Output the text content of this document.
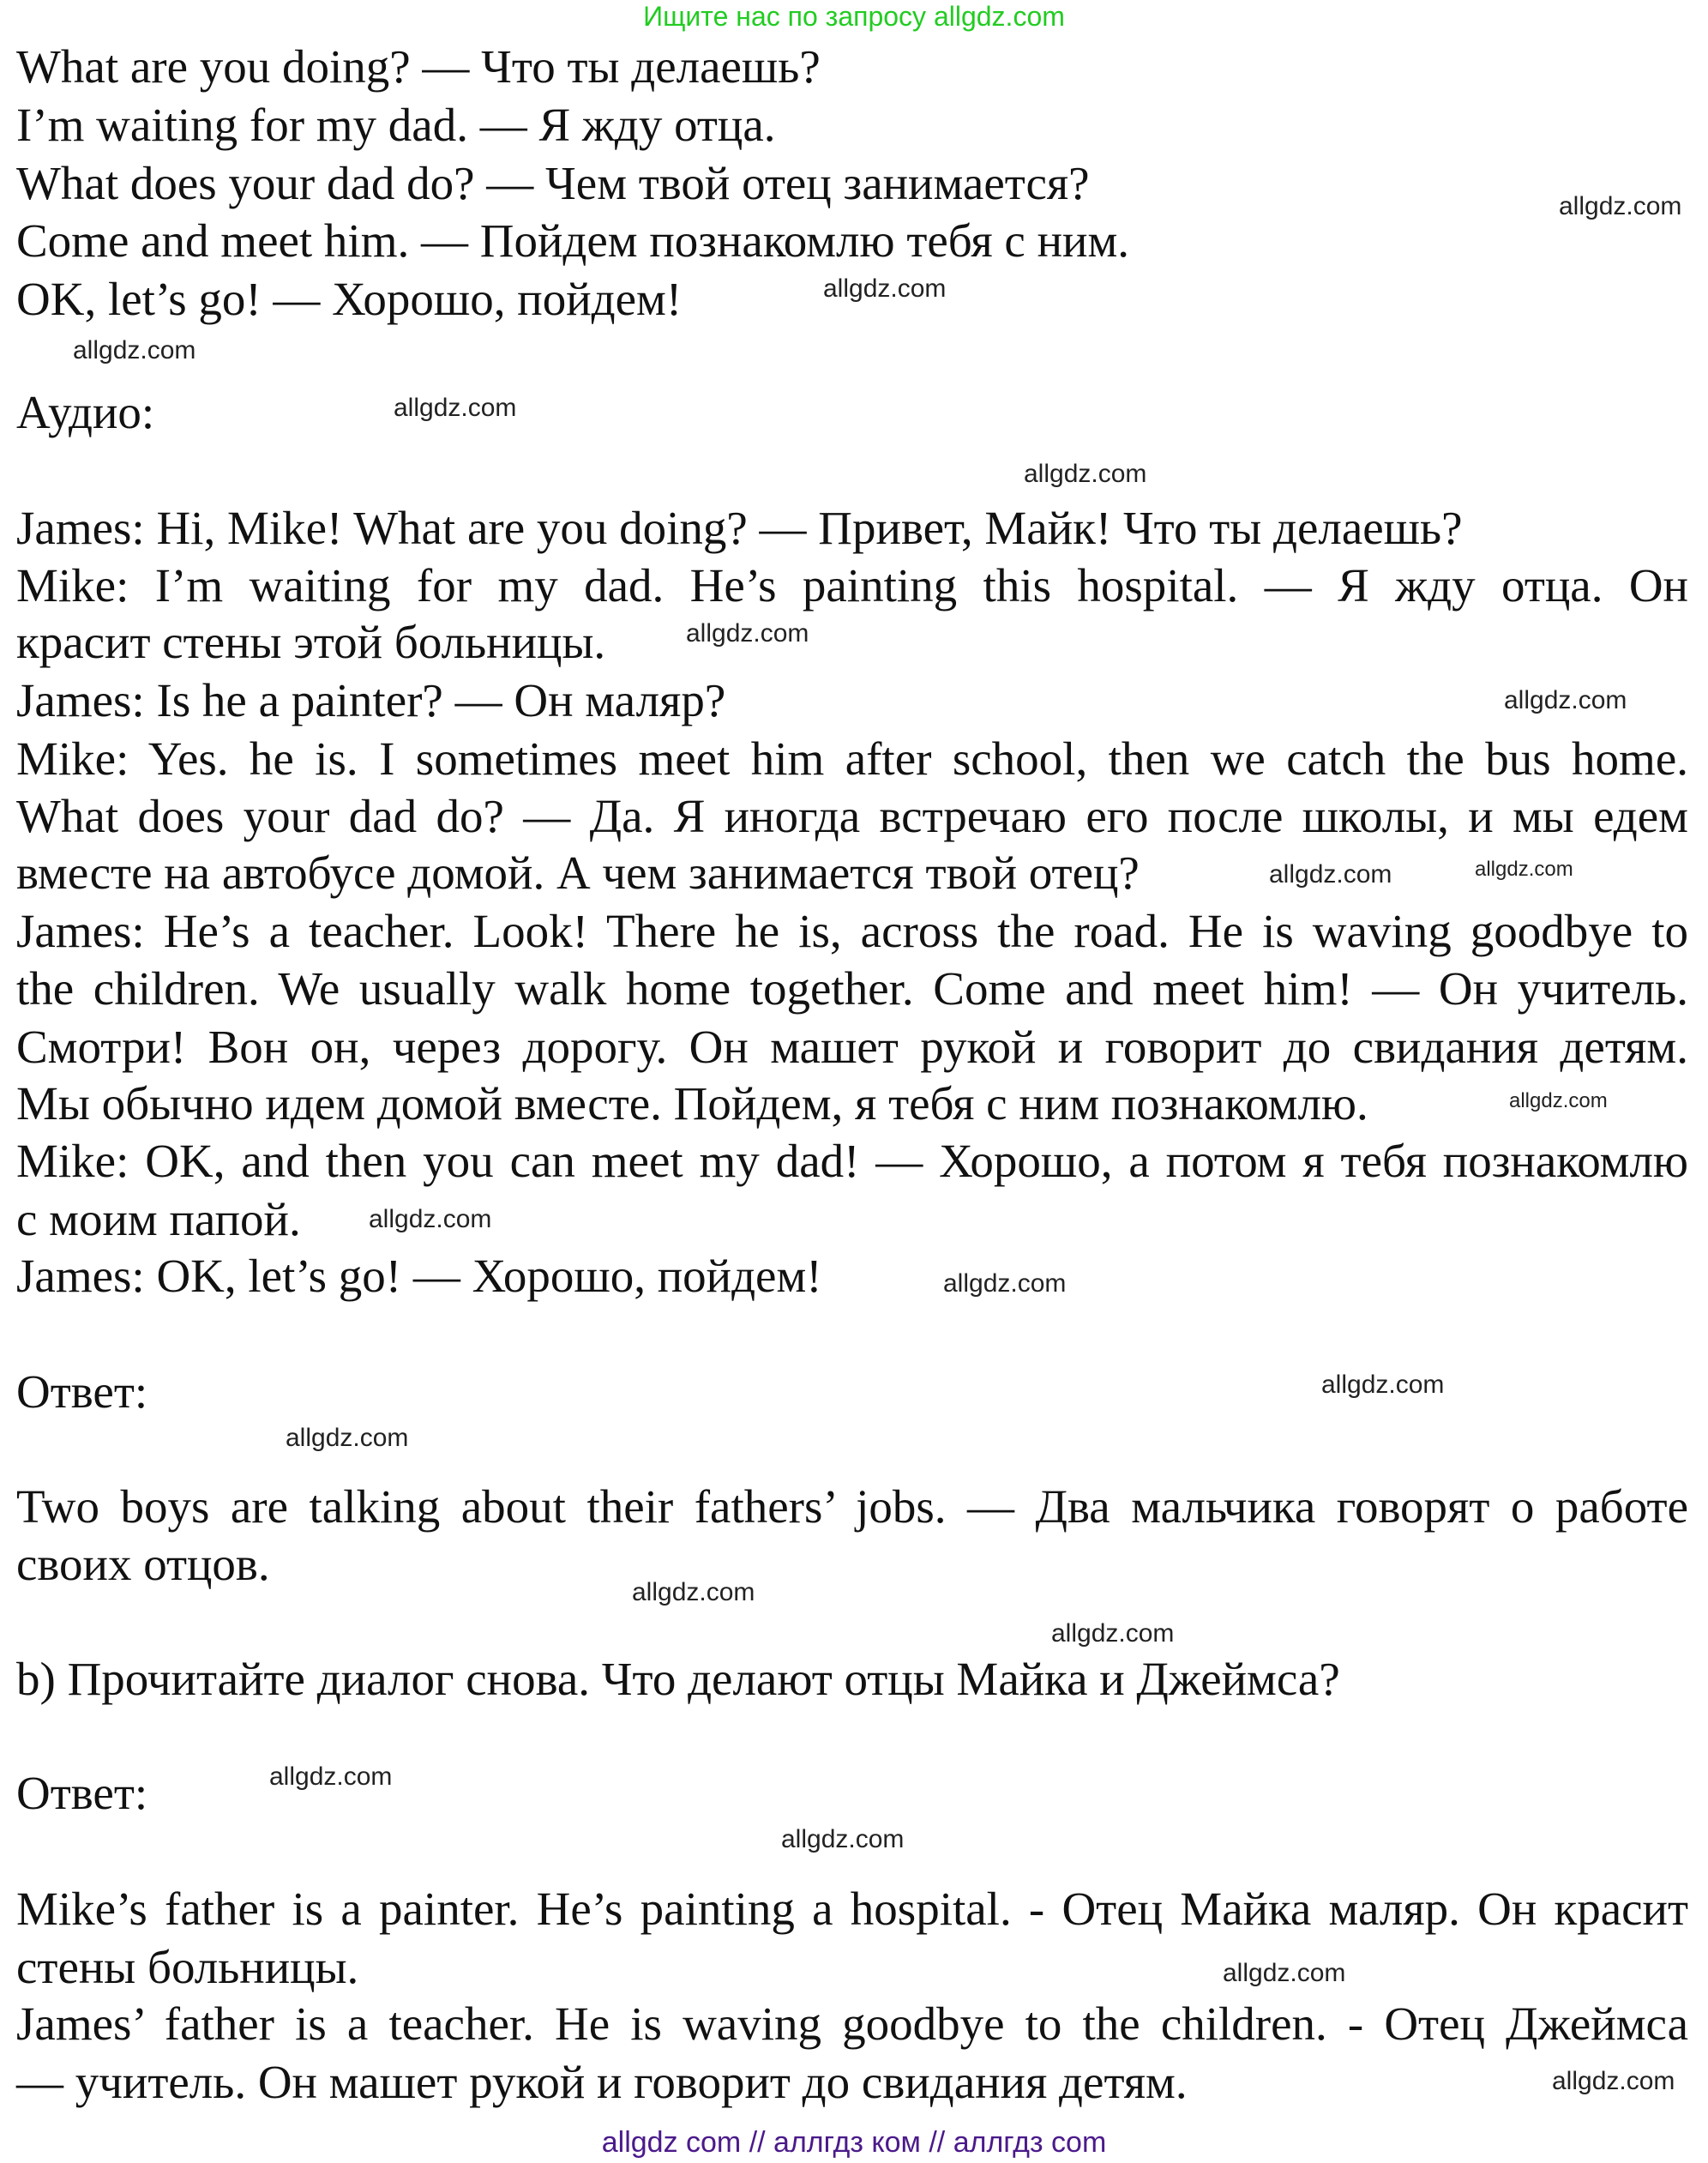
Ищите нас по запросу allgdz.com
What are you doing? — Что ты делаешь?
I’m waiting for my dad. — Я жду отца.
What does your dad do? — Чем твой отец занимается?
Come and meet him. — Пойдем познакомлю тебя с ним.
OK, let’s go! — Хорошо, пойдем!
Аудио:
James: Hi, Mike! What are you doing? — Привет, Майк! Что ты делаешь?
Mike: I’m waiting for my dad. He’s painting this hospital. — Я жду отца. Он
красит стены этой больницы.
James: Is he a painter? — Он маляр?
Mike: Yes. he is. I sometimes meet him after school, then we catch the bus home.
What does your dad do? — Да. Я иногда встречаю его после школы, и мы едем
вместе на автобусе домой. А чем занимается твой отец?
James: He’s a teacher. Look! There he is, across the road. He is waving goodbye to
the children. We usually walk home together. Come and meet him! — Он учитель.
Смотри! Вон он, через дорогу. Он машет рукой и говорит до свидания детям.
Мы обычно идем домой вместе. Пойдем, я тебя с ним познакомлю.
Mike: OK, and then you can meet my dad! — Хорошо, а потом я тебя познакомлю
с моим папой.
James: OK, let’s go! — Хорошо, пойдем!
Ответ:
Two boys are talking about their fathers’ jobs. — Два мальчика говорят о работе
своих отцов.
b) Прочитайте диалог снова. Что делают отцы Майка и Джеймса?
Ответ:
Mike’s father is a painter. He’s painting a hospital. - Отец Майка маляр. Он красит
стены больницы.
James’ father is a teacher. He is waving goodbye to the children. - Отец Джеймса
— учитель. Он машет рукой и говорит до свидания детям.
allgdz.com
allgdz.com
allgdz.com
allgdz.com
allgdz.com
allgdz.com
allgdz.com
allgdz.com
allgdz.com
allgdz.com
allgdz.com
allgdz.com
allgdz.com
allgdz.com
allgdz.com
allgdz.com
allgdz.com
allgdz.com
allgdz.com
allgdz.com
allgdz com // аллгдз ком // аллгдз com
